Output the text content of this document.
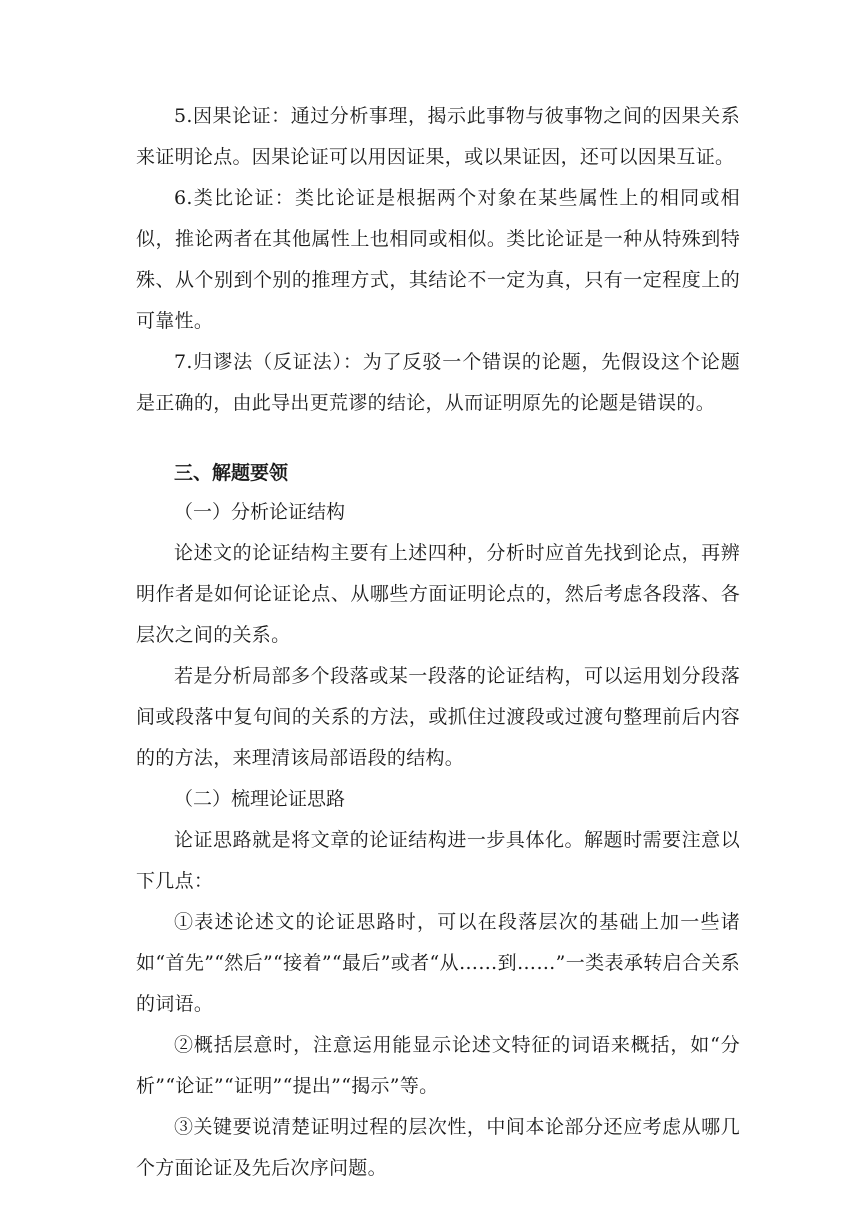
5.因果论证：通过分析事理，揭示此事物与彼事物之间的因果关系来证明论点。因果论证可以用因证果，或以果证因，还可以因果互证。

6.类比论证：类比论证是根据两个对象在某些属性上的相同或相似，推论两者在其他属性上也相同或相似。类比论证是一种从特殊到特殊、从个别到个别的推理方式，其结论不一定为真，只有一定程度上的可靠性。

7.归谬法（反证法）：为了反驳一个错误的论题，先假设这个论题是正确的，由此导出更荒谬的结论，从而证明原先的论题是错误的。

三、解题要领

（一）分析论证结构

论述文的论证结构主要有上述四种，分析时应首先找到论点，再辨明作者是如何论证论点、从哪些方面证明论点的，然后考虑各段落、各层次之间的关系。

若是分析局部多个段落或某一段落的论证结构，可以运用划分段落间或段落中复句间的关系的方法，或抓住过渡段或过渡句整理前后内容的的方法，来理清该局部语段的结构。

（二）梳理论证思路

论证思路就是将文章的论证结构进一步具体化。解题时需要注意以下几点：

①表述论述文的论证思路时，可以在段落层次的基础上加一些诸如“首先”“然后”“接着”“最后”或者“从……到……”一类表承转启合关系的词语。

②概括层意时，注意运用能显示论述文特征的词语来概括，如“分析”“论证”“证明”“提出”“揭示”等。

③关键要说清楚证明过程的层次性，中间本论部分还应考虑从哪几个方面论证及先后次序问题。
